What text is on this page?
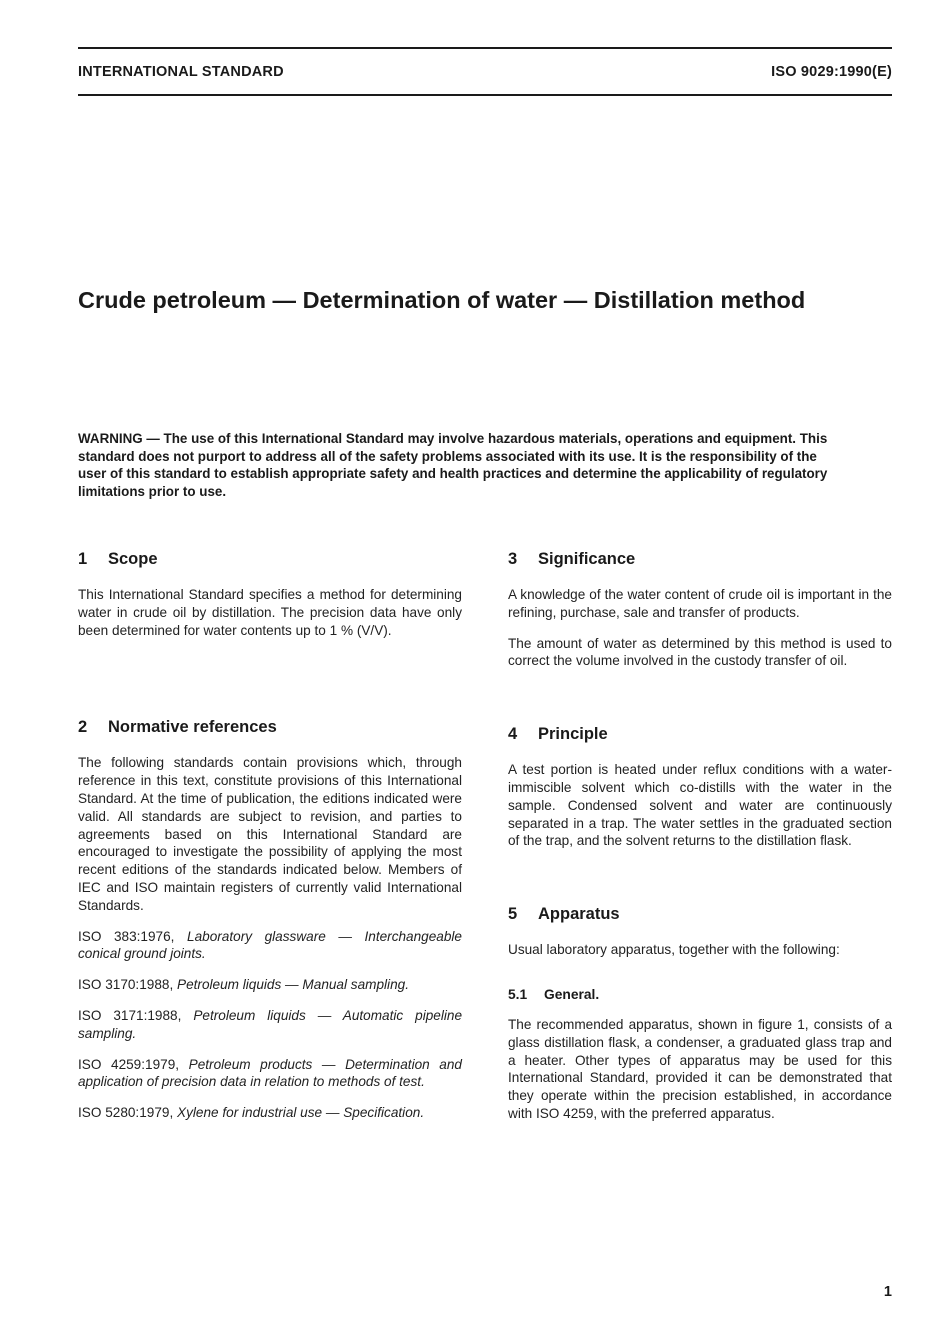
INTERNATIONAL STANDARD	ISO 9029:1990(E)
Crude petroleum — Determination of water — Distillation method
WARNING — The use of this International Standard may involve hazardous materials, operations and equipment. This standard does not purport to address all of the safety problems associated with its use. It is the responsibility of the user of this standard to establish appropriate safety and health practices and determine the applicability of regulatory limitations prior to use.
1 Scope

This International Standard specifies a method for determining water in crude oil by distillation. The precision data have only been determined for water contents up to 1 % (V/V).

2 Normative references

The following standards contain provisions which, through reference in this text, constitute provisions of this International Standard. At the time of publication, the editions indicated were valid. All standards are subject to revision, and parties to agreements based on this International Standard are encouraged to investigate the possibility of applying the most recent editions of the standards indicated below. Members of IEC and ISO maintain registers of currently valid International Standards.

ISO 383:1976, Laboratory glassware — Interchangeable conical ground joints.

ISO 3170:1988, Petroleum liquids — Manual sampling.

ISO 3171:1988, Petroleum liquids — Automatic pipeline sampling.

ISO 4259:1979, Petroleum products — Determination and application of precision data in relation to methods of test.

ISO 5280:1979, Xylene for industrial use — Specification.

3 Significance

A knowledge of the water content of crude oil is important in the refining, purchase, sale and transfer of products.

The amount of water as determined by this method is used to correct the volume involved in the custody transfer of oil.

4 Principle

A test portion is heated under reflux conditions with a water-immiscible solvent which co-distills with the water in the sample. Condensed solvent and water are continuously separated in a trap. The water settles in the graduated section of the trap, and the solvent returns to the distillation flask.

5 Apparatus

Usual laboratory apparatus, together with the following:

5.1 General.

The recommended apparatus, shown in figure 1, consists of a glass distillation flask, a condenser, a graduated glass trap and a heater. Other types of apparatus may be used for this International Standard, provided it can be demonstrated that they operate within the precision established, in accordance with ISO 4259, with the preferred apparatus.

1
